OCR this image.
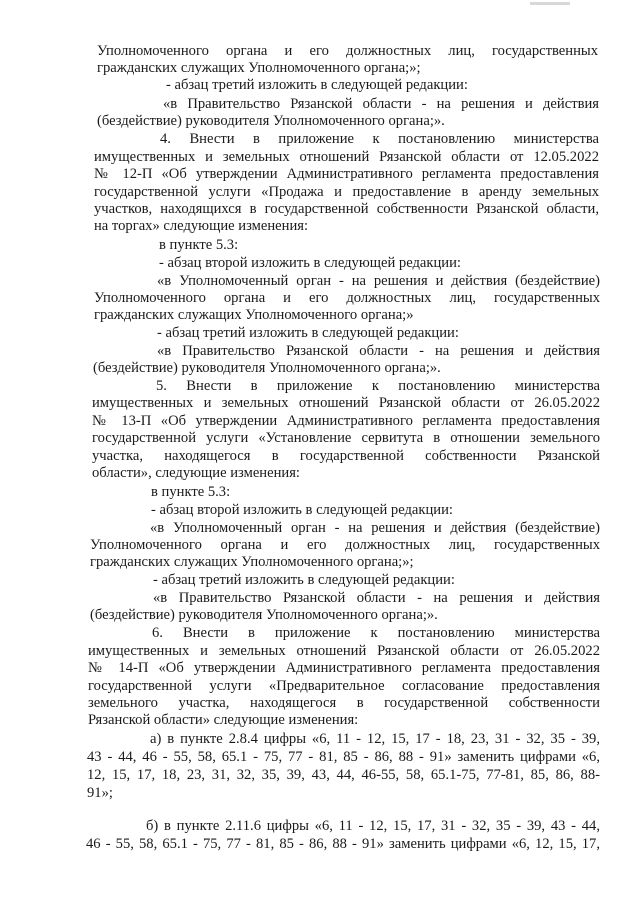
Уполномоченного органа и его должностных лиц, государственных
гражданских служащих Уполномоченного органа;»;
- абзац третий изложить в следующей редакции:
«в Правительство Рязанской области - на решения и действия
(бездействие) руководителя Уполномоченного органа;».
4. Внести в приложение к постановлению министерства
имущественных и земельных отношений Рязанской области от 12.05.2022
№ 12-П «Об утверждении Административного регламента предоставления
государственной услуги «Продажа и предоставление в аренду земельных
участков, находящихся в государственной собственности Рязанской области,
на торгах» следующие изменения:
в пункте 5.3:
- абзац второй изложить в следующей редакции:
«в Уполномоченный орган - на решения и действия (бездействие)
Уполномоченного органа и его должностных лиц, государственных
гражданских служащих Уполномоченного органа;»
- абзац третий изложить в следующей редакции:
«в Правительство Рязанской области - на решения и действия
(бездействие) руководителя Уполномоченного органа;».
5. Внести в приложение к постановлению министерства
имущественных и земельных отношений Рязанской области от 26.05.2022
№ 13-П «Об утверждении Административного регламента предоставления
государственной услуги «Установление сервитута в отношении земельного
участка, находящегося в государственной собственности Рязанской
области», следующие изменения:
в пункте 5.3:
- абзац второй изложить в следующей редакции:
«в Уполномоченный орган - на решения и действия (бездействие)
Уполномоченного органа и его должностных лиц, государственных
гражданских служащих Уполномоченного органа;»;
- абзац третий изложить в следующей редакции:
«в Правительство Рязанской области - на решения и действия
(бездействие) руководителя Уполномоченного органа;».
6. Внести в приложение к постановлению министерства
имущественных и земельных отношений Рязанской области от 26.05.2022
№ 14-П «Об утверждении Административного регламента предоставления
государственной услуги «Предварительное согласование предоставления
земельного участка, находящегося в государственной собственности
Рязанской области» следующие изменения:
а) в пункте 2.8.4 цифры «6, 11 - 12, 15, 17 - 18, 23, 31 - 32, 35 - 39,
43 - 44, 46 - 55, 58, 65.1 - 75, 77 - 81, 85 - 86, 88 - 91» заменить цифрами «6,
12, 15, 17, 18, 23, 31, 32, 35, 39, 43, 44, 46-55, 58, 65.1-75, 77-81, 85, 86, 88-
91»;
б) в пункте 2.11.6 цифры «6, 11 - 12, 15, 17, 31 - 32, 35 - 39, 43 - 44,
46 - 55, 58, 65.1 - 75, 77 - 81, 85 - 86, 88 - 91» заменить цифрами «6, 12, 15, 17,
